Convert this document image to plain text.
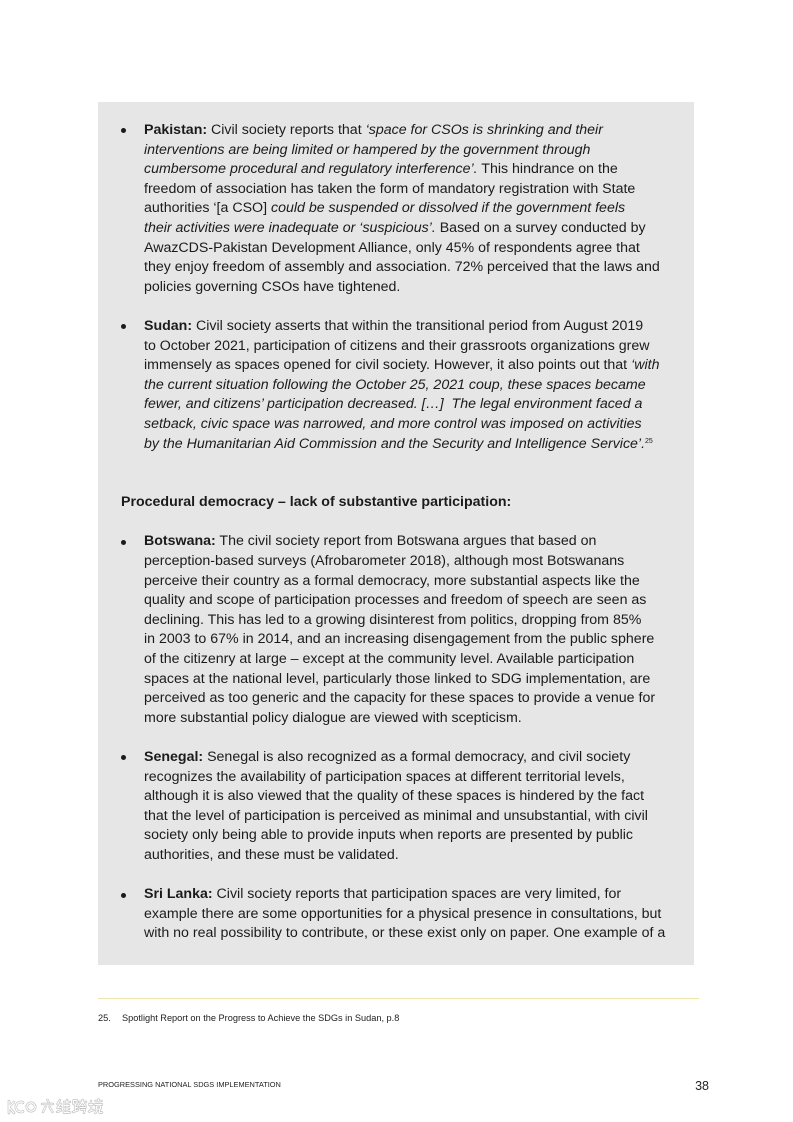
Pakistan: Civil society reports that ‘space for CSOs is shrinking and their
interventions are being limited or hampered by the government through
cumbersome procedural and regulatory interference’. This hindrance on the
freedom of association has taken the form of mandatory registration with State
authorities ‘[a CSO] could be suspended or dissolved if the government feels
their activities were inadequate or ‘suspicious’. Based on a survey conducted by
AwazCDS-Pakistan Development Alliance, only 45% of respondents agree that
they enjoy freedom of assembly and association. 72% perceived that the laws and
policies governing CSOs have tightened.
Sudan: Civil society asserts that within the transitional period from August 2019
to October 2021, participation of citizens and their grassroots organizations grew
immensely as spaces opened for civil society. However, it also points out that ‘with
the current situation following the October 25, 2021 coup, these spaces became
fewer, and citizens’ participation decreased. […]  The legal environment faced a
setback, civic space was narrowed, and more control was imposed on activities
by the Humanitarian Aid Commission and the Security and Intelligence Service’.$^{25}$
Procedural democracy – lack of substantive participation:
Botswana: The civil society report from Botswana argues that based on
perception-based surveys (Afrobarometer 2018), although most Botswanans
perceive their country as a formal democracy, more substantial aspects like the
quality and scope of participation processes and freedom of speech are seen as
declining. This has led to a growing disinterest from politics, dropping from 85%
in 2003 to 67% in 2014, and an increasing disengagement from the public sphere
of the citizenry at large – except at the community level. Available participation
spaces at the national level, particularly those linked to SDG implementation, are
perceived as too generic and the capacity for these spaces to provide a venue for
more substantial policy dialogue are viewed with scepticism.
Senegal: Senegal is also recognized as a formal democracy, and civil society
recognizes the availability of participation spaces at different territorial levels,
although it is also viewed that the quality of these spaces is hindered by the fact
that the level of participation is perceived as minimal and unsubstantial, with civil
society only being able to provide inputs when reports are presented by public
authorities, and these must be validated.
Sri Lanka: Civil society reports that participation spaces are very limited, for
example there are some opportunities for a physical presence in consultations, but
with no real possibility to contribute, or these exist only on paper. One example of a
25. Spotlight Report on the Progress to Achieve the SDGs in Sudan, p.8
PROGRESSING NATIONAL SDGS IMPLEMENTATION	38
